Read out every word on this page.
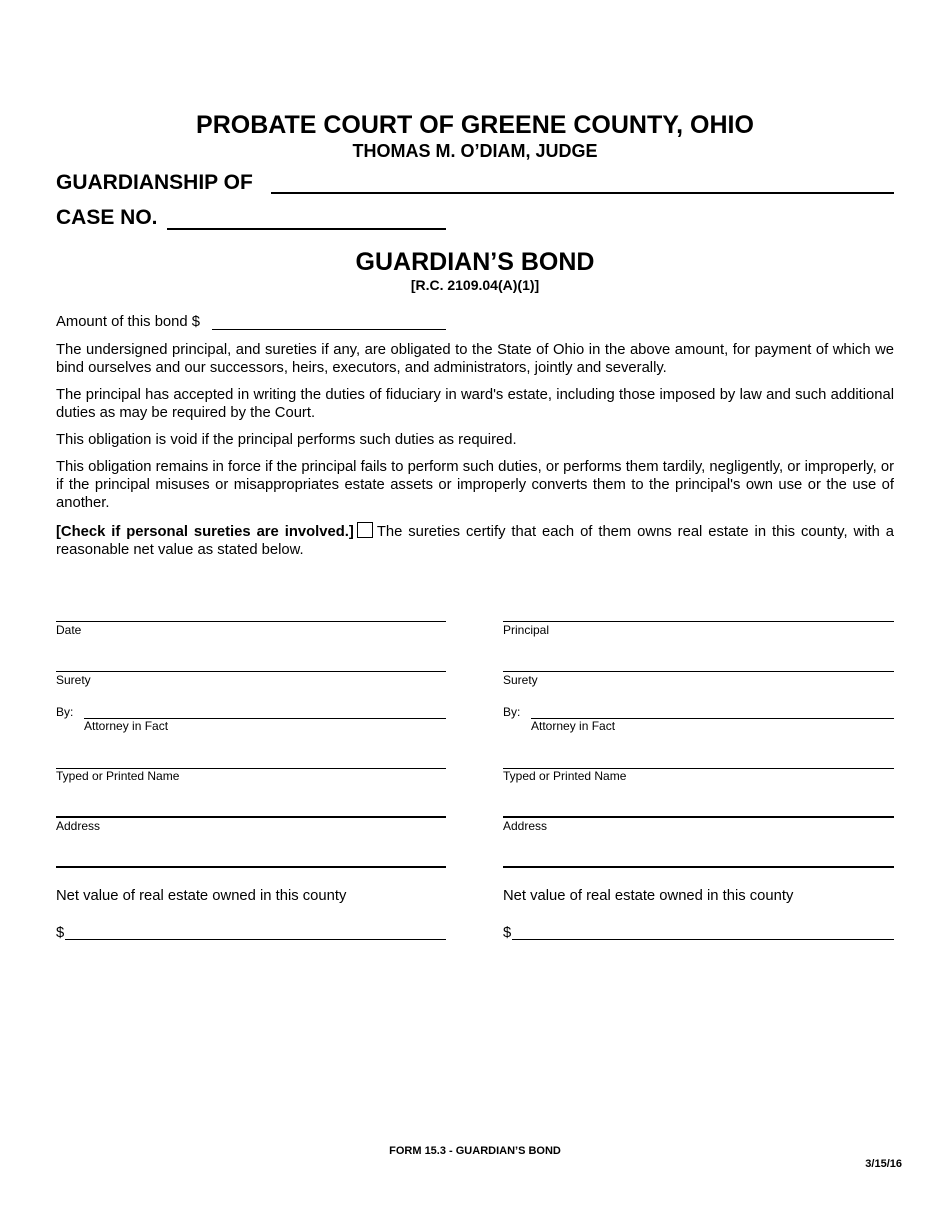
PROBATE COURT OF GREENE COUNTY, OHIO
THOMAS M. O’DIAM, JUDGE
GUARDIANSHIP OF
CASE NO.
GUARDIAN’S BOND
[R.C. 2109.04(A)(1)]
Amount of this bond $
The undersigned principal, and sureties if any, are obligated to the State of Ohio in the above amount, for payment of which we bind ourselves and our successors, heirs, executors, and administrators, jointly and severally.
The principal has accepted in writing the duties of fiduciary in ward's estate, including those imposed by law and such additional duties as may be required by the Court.
This obligation is void if the principal performs such duties as required.
This obligation remains in force if the principal fails to perform such duties, or performs them tardily, negligently, or improperly, or if the principal misuses or misappropriates estate assets or improperly converts them to the principal's own use or the use of another.
[Check if personal sureties are involved.] The sureties certify that each of them owns real estate in this county, with a reasonable net value as stated below.
Date
Surety
By:
Attorney in Fact
Typed or Printed Name
Address
Net value of real estate owned in this county
$
Principal
Surety
By:
Attorney in Fact
Typed or Printed Name
Address
Net value of real estate owned in this county
$
FORM 15.3 - GUARDIAN’S BOND
3/15/16
